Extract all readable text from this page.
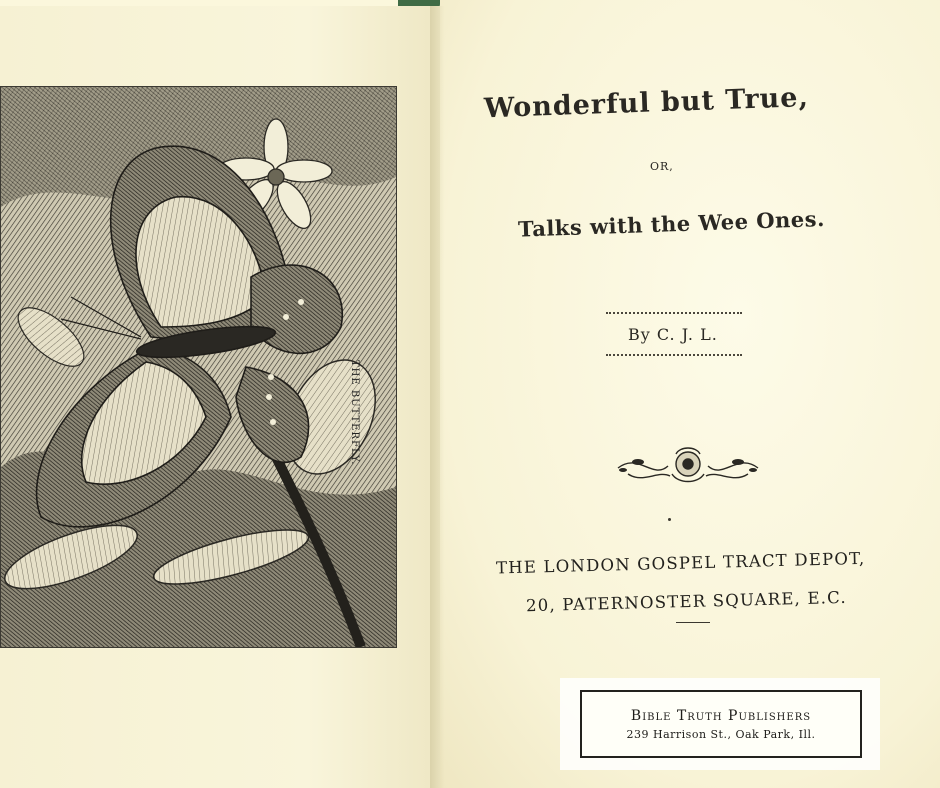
THE BUTTERFLY.
Wonderful but True,
OR,
Talks with the Wee Ones.
By C. J. L.
THE LONDON GOSPEL TRACT DEPOT,
20, PATERNOSTER SQUARE, E.C.
Bible Truth Publishers
239 Harrison St., Oak Park, Ill.
